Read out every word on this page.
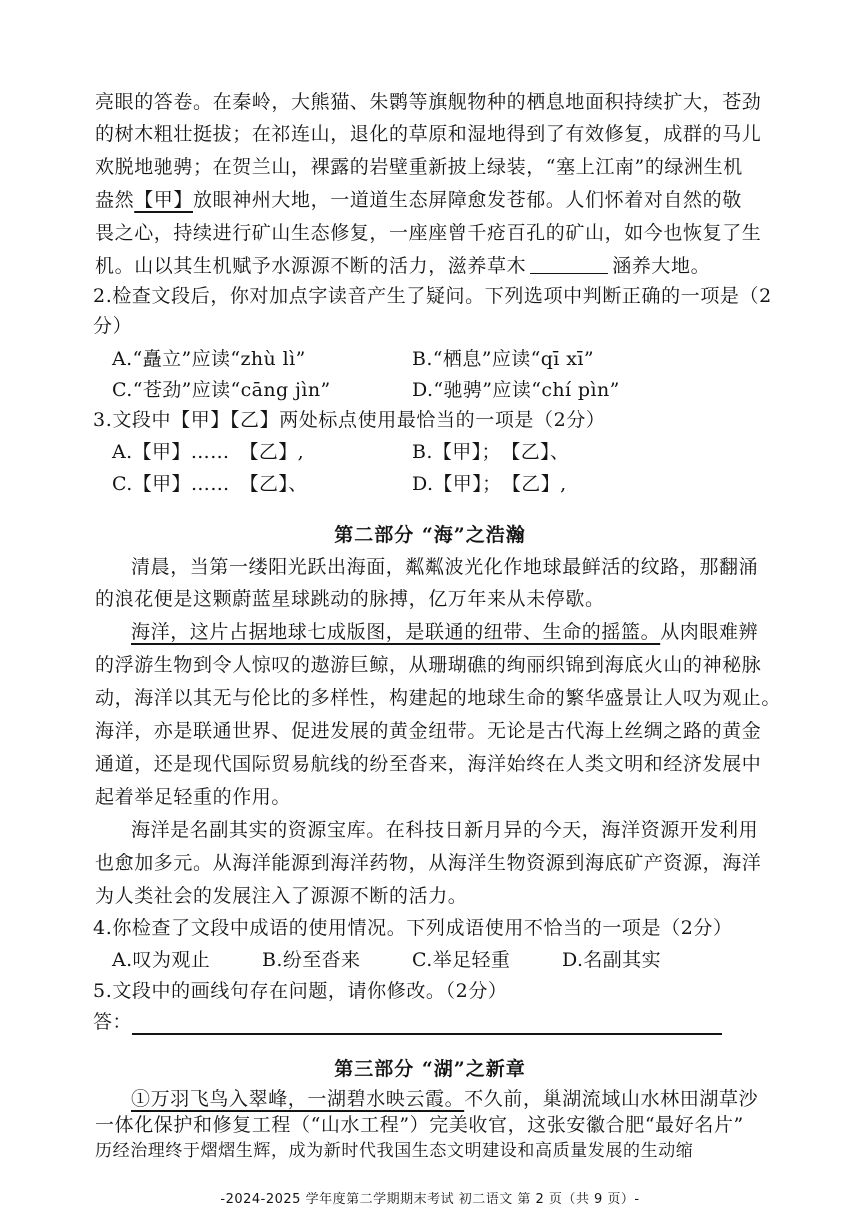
亮眼的答卷。在秦岭，大熊猫、朱鹮等旗舰物种的栖息地面积持续扩大，苍劲
的树木粗壮挺拔；在祁连山，退化的草原和湿地得到了有效修复，成群的马儿
欢脱地驰骋；在贺兰山，裸露的岩壁重新披上绿装，“塞上江南”的绿洲生机
盎然【甲】放眼神州大地，一道道生态屏障愈发苍郁。人们怀着对自然的敬
畏之心，持续进行矿山生态修复，一座座曾千疮百孔的矿山，如今也恢复了生
机。山以其生机赋予水源源不断的活力，滋养草木	涵养大地。
2.检查文段后，你对加点字读音产生了疑问。下列选项中判断正确的一项是（2
分）
A.“矗立”应读“zhù lì”	B.“栖息”应读“qī xī”
C.“苍劲”应读“cāng jìn”	D.“驰骋”应读“chí pìn”
3.文段中【甲】【乙】两处标点使用最恰当的一项是（2分）
A.【甲】……　【乙】,	B.【甲】；　【乙】、
C.【甲】……　【乙】、	D.【甲】；　【乙】,
第二部分 “海”之浩瀚
清晨，当第一缕阳光跃出海面，粼粼波光化作地球最鲜活的纹路，那翻涌
的浪花便是这颗蔚蓝星球跳动的脉搏，亿万年来从未停歇。
海洋，这片占据地球七成版图，是联通的纽带、生命的摇篮。从肉眼难辨
的浮游生物到令人惊叹的遨游巨鲸，从珊瑚礁的绚丽织锦到海底火山的神秘脉
动，海洋以其无与伦比的多样性，构建起的地球生命的繁华盛景让人叹为观止。
海洋，亦是联通世界、促进发展的黄金纽带。无论是古代海上丝绸之路的黄金
通道，还是现代国际贸易航线的纷至沓来，海洋始终在人类文明和经济发展中
起着举足轻重的作用。
海洋是名副其实的资源宝库。在科技日新月异的今天，海洋资源开发利用
也愈加多元。从海洋能源到海洋药物，从海洋生物资源到海底矿产资源，海洋
为人类社会的发展注入了源源不断的活力。
4.你检查了文段中成语的使用情况。下列成语使用不恰当的一项是（2分）
A.叹为观止	B.纷至沓来	C.举足轻重	D.名副其实
5.文段中的画线句存在问题，请你修改。（2分）
答：
第三部分 “湖”之新章
①万羽飞鸟入翠峰，一湖碧水映云霞。不久前，巢湖流域山水林田湖草沙
一体化保护和修复工程（“山水工程”）完美收官，这张安徽合肥“最好名片”
历经治理终于熠熠生辉，成为新时代我国生态文明建设和高质量发展的生动缩
-2024-2025 学年度第二学期期末考试 初二语文 第 2 页（共 9 页）-
